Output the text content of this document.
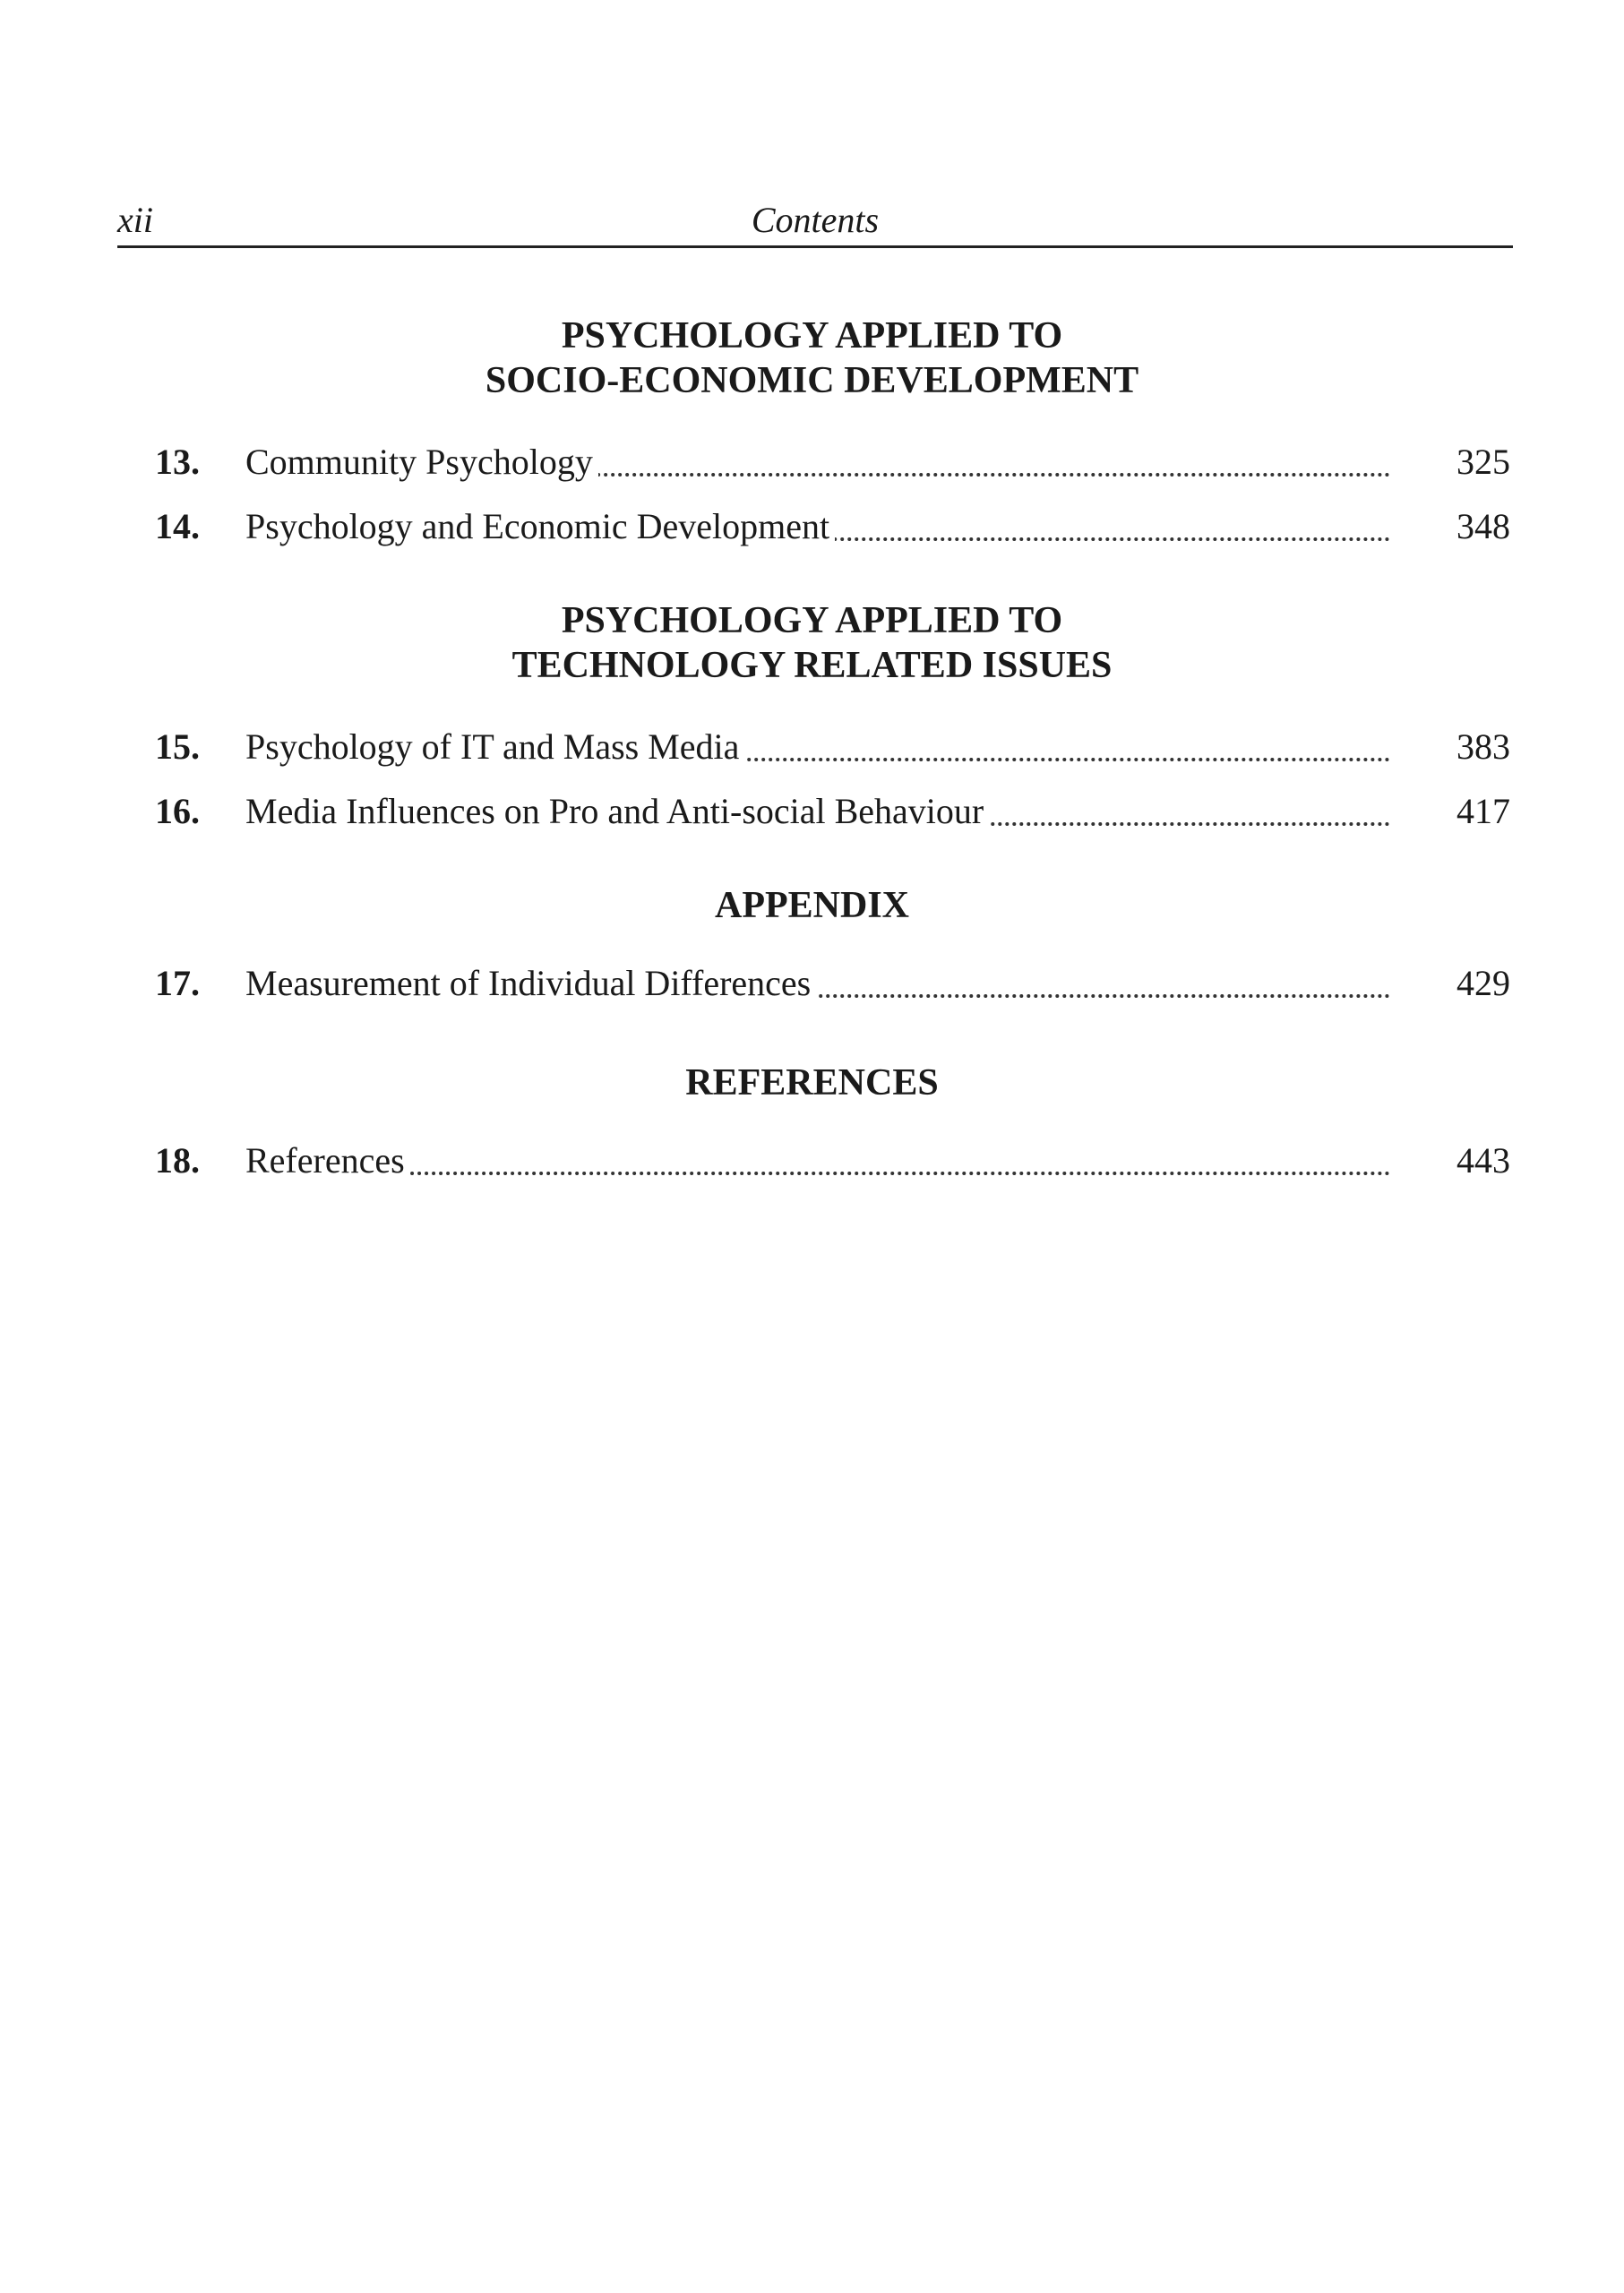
xii	Contents

PSYCHOLOGY APPLIED TO
SOCIO-ECONOMIC DEVELOPMENT

13. Community Psychology	325
14. Psychology and Economic Development	348

PSYCHOLOGY APPLIED TO
TECHNOLOGY RELATED ISSUES

15. Psychology of IT and Mass Media	383
16. Media Influences on Pro and Anti-social Behaviour	417

APPENDIX

17. Measurement of Individual Differences	429

REFERENCES

18. References	443
